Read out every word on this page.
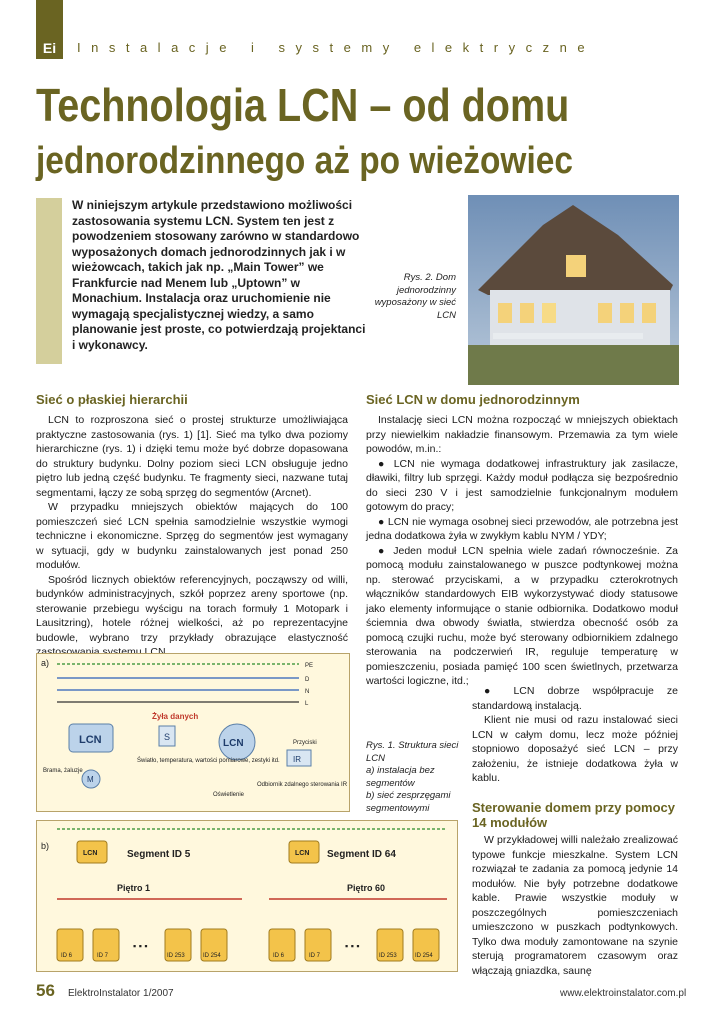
Ei	Instalacje i systemy elektryczne
Technologia LCN – od domu
jednorodzinnego aż po wieżowiec
W niniejszym artykule przedstawiono możliwości zastosowania systemu LCN. System ten jest z powodzeniem stosowany zarówno w standardowo wyposażonych domach jednorodzinnych jak i w wieżowcach, takich jak np. „Main Tower” we Frankfurcie nad Menem lub „Uptown” w Monachium. Instalacja oraz uruchomienie nie wymagają specjalistycznej wiedzy, a samo planowanie jest proste, co potwierdzają projektanci i wykonawcy.
Rys. 2. Dom jednorodzinny wyposażony w sieć LCN
Sieć o płaskiej hierarchii

LCN to rozproszona sieć o prostej strukturze umożliwiająca praktyczne zastosowania (rys. 1) [1]. Sieć ma tylko dwa poziomy hierarchiczne (rys. 1) i dzięki temu może być dobrze dopasowana do struktury budynku. Dolny poziom sieci LCN obsługuje jedno piętro lub jedną część budynku. Te fragmenty sieci, nazwane tutaj segmentami, łączy ze sobą sprzęg do segmentów (Arcnet).

W przypadku mniejszych obiektów mających do 100 pomieszczeń sieć LCN spełnia samodzielnie wszystkie wymogi techniczne i ekonomiczne. Sprzęg do segmentów jest wymagany w sytuacji, gdy w budynku zainstalowanych jest ponad 250 modułów.

Spośród licznych obiektów referencyjnych, począwszy od willi, budynków administracyjnych, szkół poprzez areny sportowe (np. sterowanie przebiegu wyścigu na torach formuły 1 Motopark i Lausitzring), hotele różnej wielkości, aż po reprezentacyjne budowle, wybrano trzy przykłady obrazujące elastyczność zastosowania systemu LCN.

a)	PE
D
N
L
Żyła danych
LCN	S
LCN
IR
Przyciski
M
Brama, żaluzje
Światło, temperatura, wartości pomiarowe, zestyki itd.
Oświetlenie
Odbiornik zdalnego sterowania IR
b)
LCN	Segment ID 5	LCN Segment ID 64
Piętro 1	Piętro 60
ID 6	ID 7
▪ ▪ ▪
ID 253	ID 254	ID 6	ID 7
▪ ▪ ▪
ID 253	ID 254
Sieć LCN w domu jednorodzinnym

Instalację sieci LCN można rozpocząć w mniejszych obiektach przy niewielkim nakładzie finansowym. Przemawia za tym wiele powodów, m.in.:

● LCN nie wymaga dodatkowej infrastruktury jak zasilacze, dławiki, filtry lub sprzęgi. Każdy moduł podłącza się bezpośrednio do sieci 230 V i jest samodzielnie funkcjonalnym modułem gotowym do pracy;

● LCN nie wymaga osobnej sieci przewodów, ale potrzebna jest jedna dodatkowa żyła w zwykłym kablu NYM / YDY;

● Jeden moduł LCN spełnia wiele zadań równocześnie. Za pomocą modułu zainstalowanego w puszce podtynkowej można np. sterować przyciskami, a w przypadku czterokrotnych włączników standardowych EIB wykorzystywać diody statusowe jako elementy informujące o stanie odbiornika. Dodatkowo moduł ściemnia dwa obwody światła, stwierdza obecność osób za pomocą czujki ruchu, może być sterowany odbiornikiem zdalnego sterowania na podczerwień IR, reguluje temperaturę w pomieszczeniu, posiada pamięć 100 scen świetlnych, przetwarza wartości logiczne, itd.;

● LCN dobrze współpracuje ze standardową instalacją.

Klient nie musi od razu instalować sieci LCN w całym domu, lecz może później stopniowo doposażyć sieć LCN – przy założeniu, że istnieje dodatkowa żyła w kablu.

Rys. 1. Struktura sieci LCN
a) instalacja bez segmentów
b) sieć zesprzęgami segmentowymi	Sterowanie domem przy pomocy 14 modułów

W przykładowej willi należało zrealizować typowe funkcje mieszkalne. System LCN rozwiązał te zadania za pomocą jedynie 14 modułów. Nie były potrzebne dodatkowe kable. Prawie wszystkie moduły w poszczególnych pomieszczeniach umieszczono w puszkach podtynkowych. Tylko dwa moduły zamontowane na szynie sterują programatorem czasowym oraz włączają gniazdka, saunę

56 ElektroInstalator 1/2007	www.elektroinstalator.com.pl
